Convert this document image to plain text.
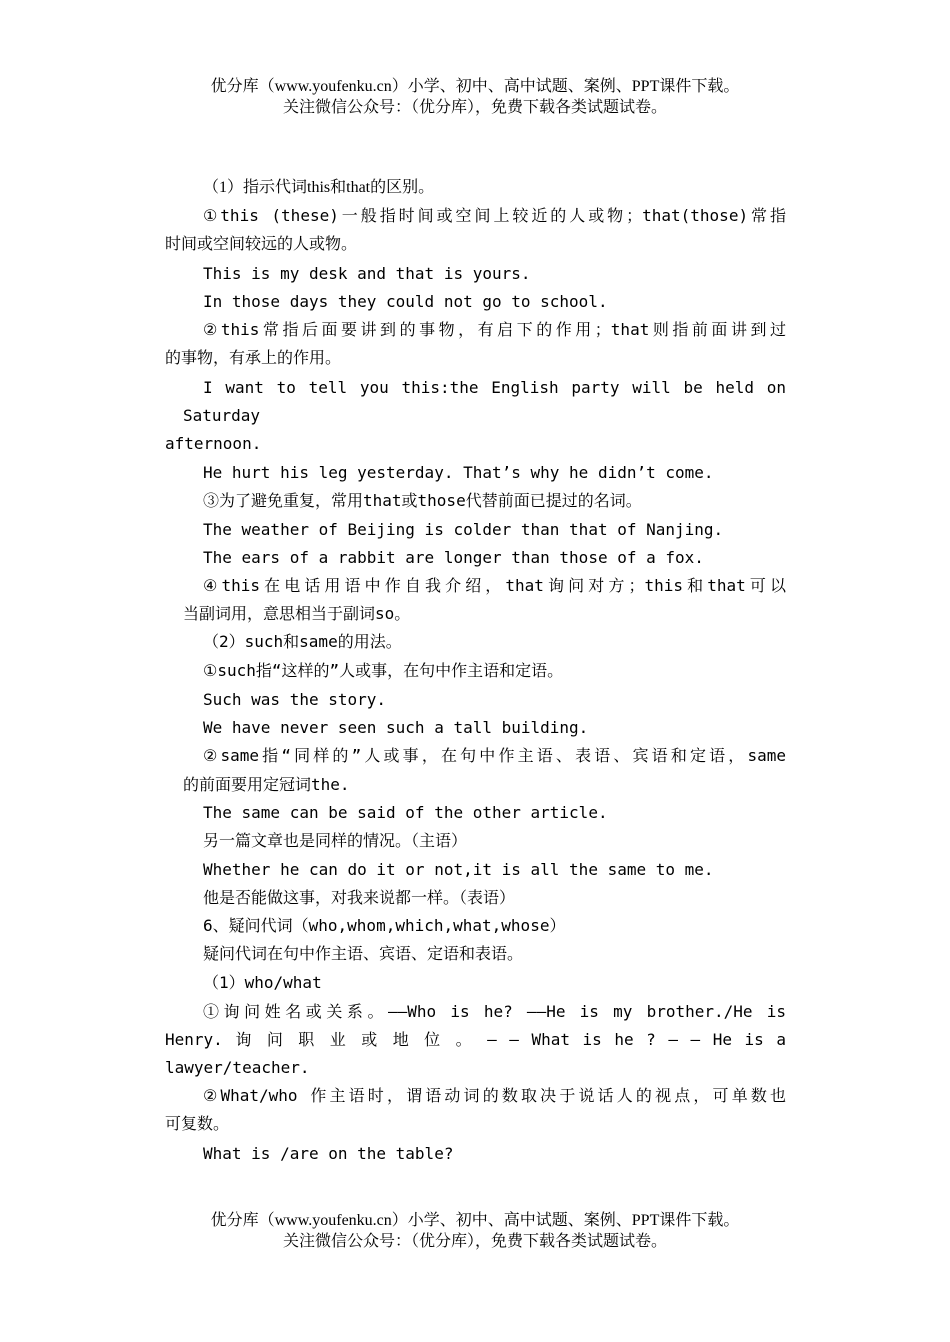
优分库（www.youfenku.cn）小学、初中、高中试题、案例、PPT课件下载。
关注微信公众号：（优分库），免费下载各类试题试卷。
（1）指示代词this和that的区别。
①this (these)一般指时间或空间上较近的人或物；that(those)常指
时间或空间较远的人或物。
This is my desk and that is yours.
In those days they could not go to school.
②this常指后面要讲到的事物，有启下的作用；that则指前面讲到过
的事物，有承上的作用。
I want to tell you this:the English party will be held on
Saturday
afternoon.
He hurt his leg yesterday. That’s why he didn’t come.
③为了避免重复，常用that或those代替前面已提过的名词。
The weather of Beijing is colder than that of Nanjing.
The ears of a rabbit are longer than those of a fox.
④this在电话用语中作自我介绍，that询问对方；this和that可以
当副词用，意思相当于副词so。
（2）such和same的用法。
①such指“这样的”人或事，在句中作主语和定语。
Such was the story.
We have never seen such a tall building.
②same指“同样的”人或事，在句中作主语、表语、宾语和定语，same
的前面要用定冠词the.
The same can be said of the other article.
另一篇文章也是同样的情况。（主语）
Whether he can do it or not,it is all the same to me.
他是否能做这事，对我来说都一样。（表语）
6、疑问代词（who,whom,which,what,whose）
疑问代词在句中作主语、宾语、定语和表语。
（1）who/what
①询问姓名或关系。——Who is he? ——He is my brother./He is
Henry. 询 问 职 业 或 地 位 。 — — What is he ? — — He is a
lawyer/teacher.
②What/who 作主语时，谓语动词的数取决于说话人的视点，可单数也
可复数。
What is /are on the table?
优分库（www.youfenku.cn）小学、初中、高中试题、案例、PPT课件下载。
关注微信公众号：（优分库），免费下载各类试题试卷。
